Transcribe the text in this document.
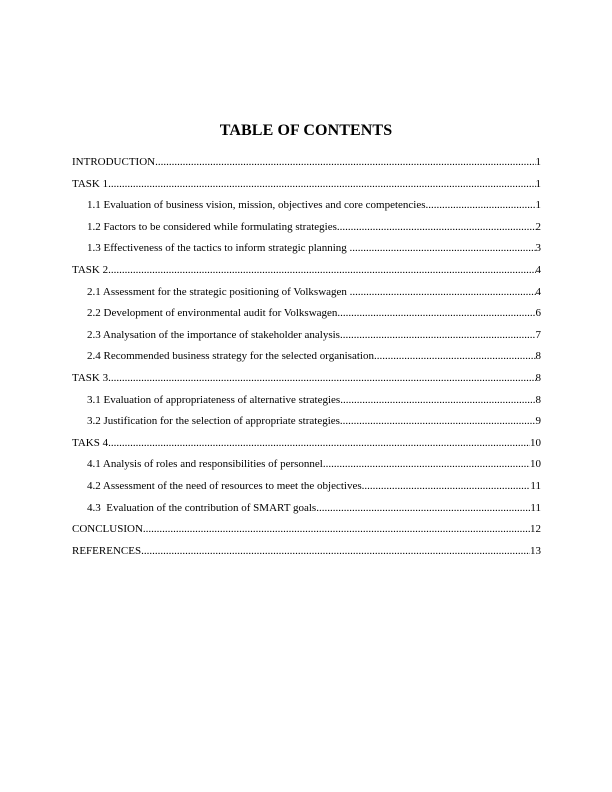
TABLE OF CONTENTS
INTRODUCTION .....	1
TASK 1 .....	1
1.1 Evaluation of business vision, mission, objectives and core competencies .....	1
1.2 Factors to be considered while formulating strategies .....	2
1.3 Effectiveness of the tactics to inform strategic planning .....	3
TASK 2 .....	4
2.1 Assessment for the strategic positioning of Volkswagen .....	4
2.2 Development of environmental audit for Volkswagen .....	6
2.3 Analysation of the importance of stakeholder analysis .....	7
2.4 Recommended business strategy for the selected organisation .....	8
TASK 3 .....	8
3.1 Evaluation of appropriateness of alternative strategies .....	8
3.2 Justification for the selection of appropriate strategies .....	9
TAKS 4 .....	10
4.1 Analysis of roles and responsibilities of personnel .....	10
4.2 Assessment of the need of resources to meet the objectives .....	11
4.3  Evaluation of the contribution of SMART goals .....	11
CONCLUSION .....	12
REFERENCES .....	13
